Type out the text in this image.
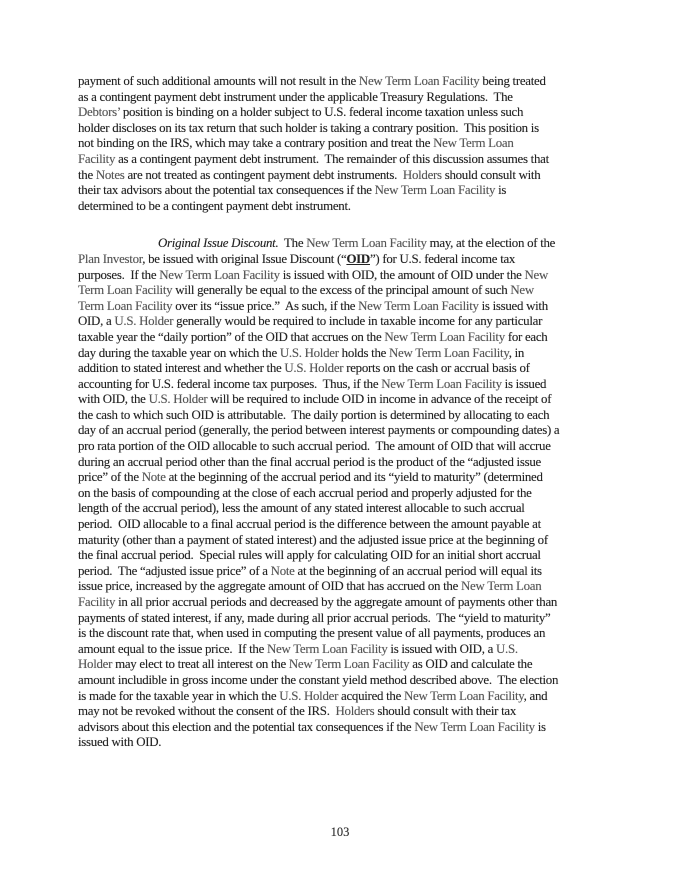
payment of such additional amounts will not result in the New Term Loan Facility being treated
as a contingent payment debt instrument under the applicable Treasury Regulations.  The
Debtors’ position is binding on a holder subject to U.S. federal income taxation unless such
holder discloses on its tax return that such holder is taking a contrary position.  This position is
not binding on the IRS, which may take a contrary position and treat the New Term Loan
Facility as a contingent payment debt instrument.  The remainder of this discussion assumes that
the Notes are not treated as contingent payment debt instruments.  Holders should consult with
their tax advisors about the potential tax consequences if the New Term Loan Facility is
determined to be a contingent payment debt instrument.
Original Issue Discount.  The New Term Loan Facility may, at the election of the
Plan Investor, be issued with original Issue Discount (“OID”) for U.S. federal income tax
purposes.  If the New Term Loan Facility is issued with OID, the amount of OID under the New
Term Loan Facility will generally be equal to the excess of the principal amount of such New
Term Loan Facility over its “issue price.”  As such, if the New Term Loan Facility is issued with
OID, a U.S. Holder generally would be required to include in taxable income for any particular
taxable year the “daily portion” of the OID that accrues on the New Term Loan Facility for each
day during the taxable year on which the U.S. Holder holds the New Term Loan Facility, in
addition to stated interest and whether the U.S. Holder reports on the cash or accrual basis of
accounting for U.S. federal income tax purposes.  Thus, if the New Term Loan Facility is issued
with OID, the U.S. Holder will be required to include OID in income in advance of the receipt of
the cash to which such OID is attributable.  The daily portion is determined by allocating to each
day of an accrual period (generally, the period between interest payments or compounding dates) a
pro rata portion of the OID allocable to such accrual period.  The amount of OID that will accrue
during an accrual period other than the final accrual period is the product of the “adjusted issue
price” of the Note at the beginning of the accrual period and its “yield to maturity” (determined
on the basis of compounding at the close of each accrual period and properly adjusted for the
length of the accrual period), less the amount of any stated interest allocable to such accrual
period.  OID allocable to a final accrual period is the difference between the amount payable at
maturity (other than a payment of stated interest) and the adjusted issue price at the beginning of
the final accrual period.  Special rules will apply for calculating OID for an initial short accrual
period.  The “adjusted issue price” of a Note at the beginning of an accrual period will equal its
issue price, increased by the aggregate amount of OID that has accrued on the New Term Loan
Facility in all prior accrual periods and decreased by the aggregate amount of payments other than
payments of stated interest, if any, made during all prior accrual periods.  The “yield to maturity”
is the discount rate that, when used in computing the present value of all payments, produces an
amount equal to the issue price.  If the New Term Loan Facility is issued with OID, a U.S.
Holder may elect to treat all interest on the New Term Loan Facility as OID and calculate the
amount includible in gross income under the constant yield method described above.  The election
is made for the taxable year in which the U.S. Holder acquired the New Term Loan Facility, and
may not be revoked without the consent of the IRS.  Holders should consult with their tax
advisors about this election and the potential tax consequences if the New Term Loan Facility is
issued with OID.
103
